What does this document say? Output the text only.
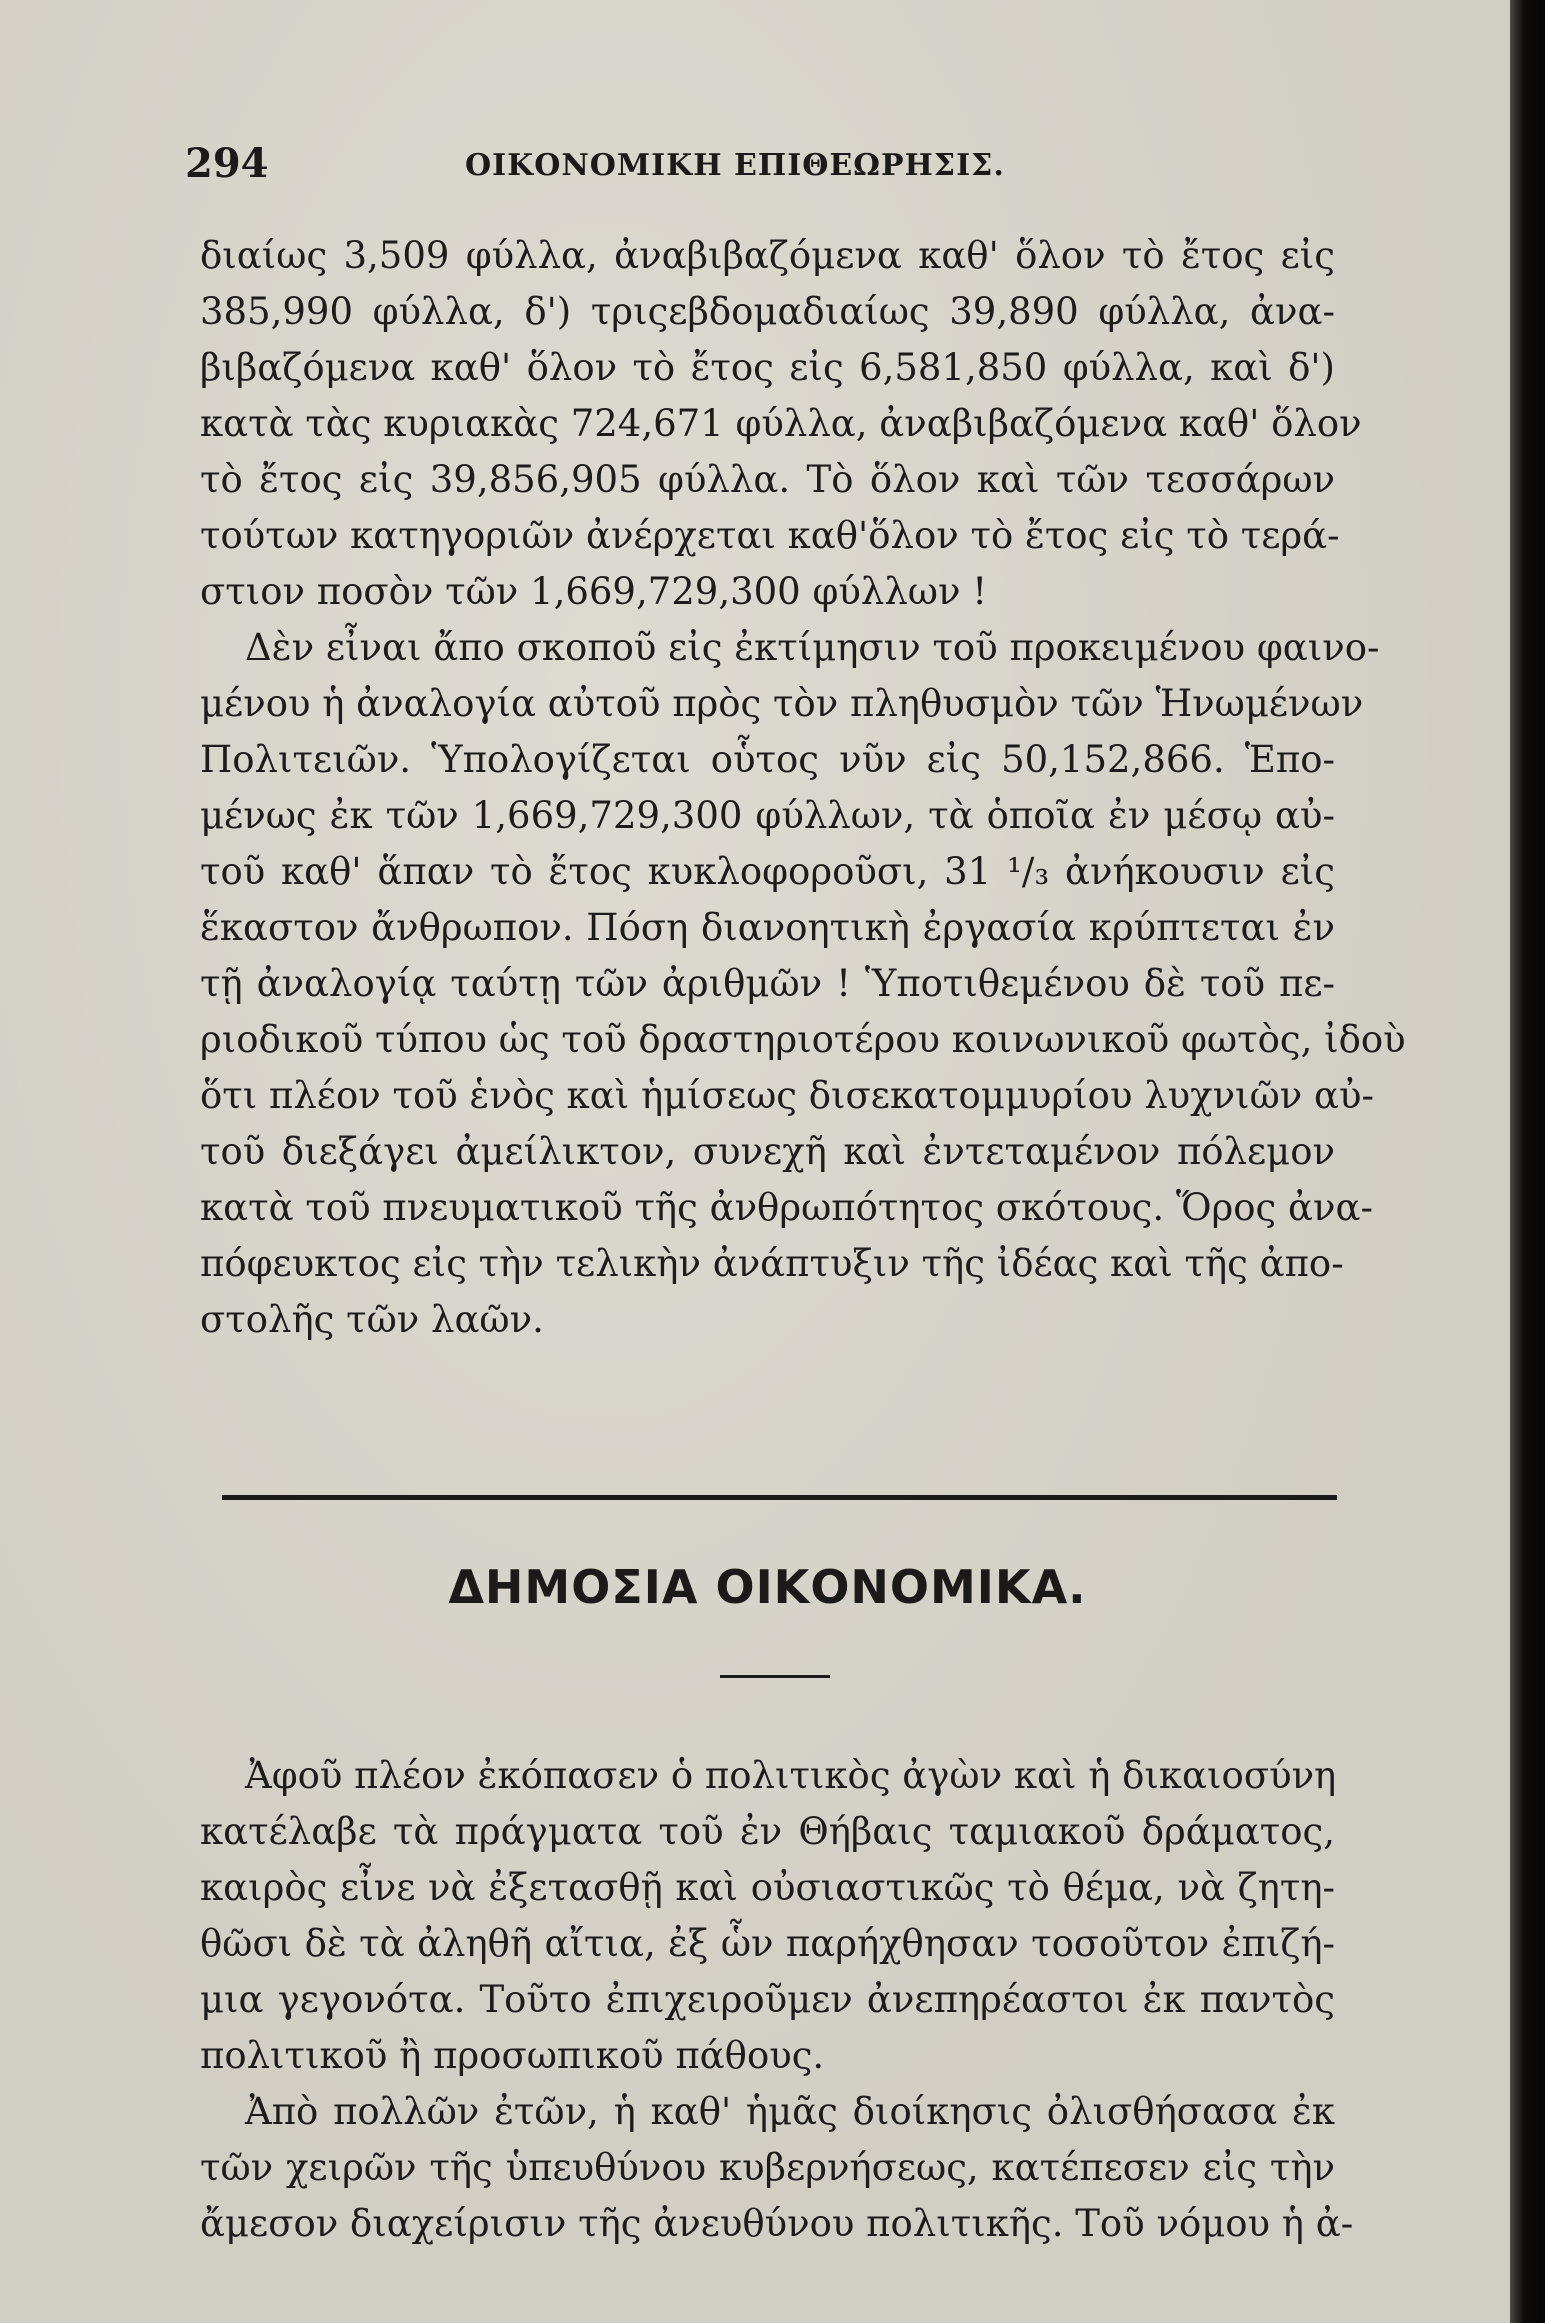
294	ΟΙΚΟΝΟΜΙΚΗ ΕΠΙΘΕΩΡΗΣΙΣ.
διαίως 3,509 φύλλα, ἀναβιβαζόμενα καθ' ὅλον τὸ ἔτος εἰς
385,990 φύλλα, δ') τριςεβδομαδιαίως 39,890 φύλλα, ἀνα-
βιβαζόμενα καθ' ὅλον τὸ ἔτος εἰς 6,581,850 φύλλα, καὶ δ')
κατὰ τὰς κυριακὰς 724,671 φύλλα, ἀναβιβαζόμενα καθ' ὅλον
τὸ ἔτος εἰς 39,856,905 φύλλα. Τὸ ὅλον καὶ τῶν τεσσάρων
τούτων κατηγοριῶν ἀνέρχεται καθ'ὅλον τὸ ἔτος εἰς τὸ τερά-
στιον ποσὸν τῶν 1,669,729,300 φύλλων !
Δὲν εἶναι ἄπο σκοποῦ εἰς ἐκτίμησιν τοῦ προκειμένου φαινο-
μένου ἡ ἀναλογία αὐτοῦ πρὸς τὸν πληθυσμὸν τῶν Ἡνωμένων
Πολιτειῶν. Ὑπολογίζεται οὗτος νῦν εἰς 50,152,866. Ἑπο-
μένως ἐκ τῶν 1,669,729,300 φύλλων, τὰ ὁποῖα ἐν μέσῳ αὐ-
τοῦ καθ' ἅπαν τὸ ἔτος κυκλοφοροῦσι, 31 ¹/₃ ἀνήκουσιν εἰς
ἕκαστον ἄνθρωπον. Πόση διανοητικὴ ἐργασία κρύπτεται ἐν
τῇ ἀναλογίᾳ ταύτῃ τῶν ἀριθμῶν ! Ὑποτιθεμένου δὲ τοῦ πε-
ριοδικοῦ τύπου ὡς τοῦ δραστηριοτέρου κοινωνικοῦ φωτὸς, ἰδοὺ
ὅτι πλέον τοῦ ἑνὸς καὶ ἡμίσεως δισεκατομμυρίου λυχνιῶν αὐ-
τοῦ διεξάγει ἀμείλικτον, συνεχῆ καὶ ἐντεταμένον πόλεμον
κατὰ τοῦ πνευματικοῦ τῆς ἀνθρωπότητος σκότους. Ὅρος ἀνα-
πόφευκτος εἰς τὴν τελικὴν ἀνάπτυξιν τῆς ἰδέας καὶ τῆς ἀπο-
στολῆς τῶν λαῶν.
ΔΗΜΟΣΙΑ ΟΙΚΟΝΟΜΙΚΑ.
Ἀφοῦ πλέον ἐκόπασεν ὁ πολιτικὸς ἀγὼν καὶ ἡ δικαιοσύνη
κατέλαβε τὰ πράγματα τοῦ ἐν Θήβαις ταμιακοῦ δράματος,
καιρὸς εἶνε νὰ ἐξετασθῇ καὶ οὐσιαστικῶς τὸ θέμα, νὰ ζητη-
θῶσι δὲ τὰ ἀληθῆ αἴτια, ἐξ ὧν παρήχθησαν τοσοῦτον ἐπιζή-
μια γεγονότα. Τοῦτο ἐπιχειροῦμεν ἀνεπηρέαστοι ἐκ παντὸς
πολιτικοῦ ἢ προσωπικοῦ πάθους.
Ἀπὸ πολλῶν ἐτῶν, ἡ καθ' ἡμᾶς διοίκησις ὀλισθήσασα ἐκ
τῶν χειρῶν τῆς ὑπευθύνου κυβερνήσεως, κατέπεσεν εἰς τὴν
ἄμεσον διαχείρισιν τῆς ἀνευθύνου πολιτικῆς. Τοῦ νόμου ἡ ἀ-
